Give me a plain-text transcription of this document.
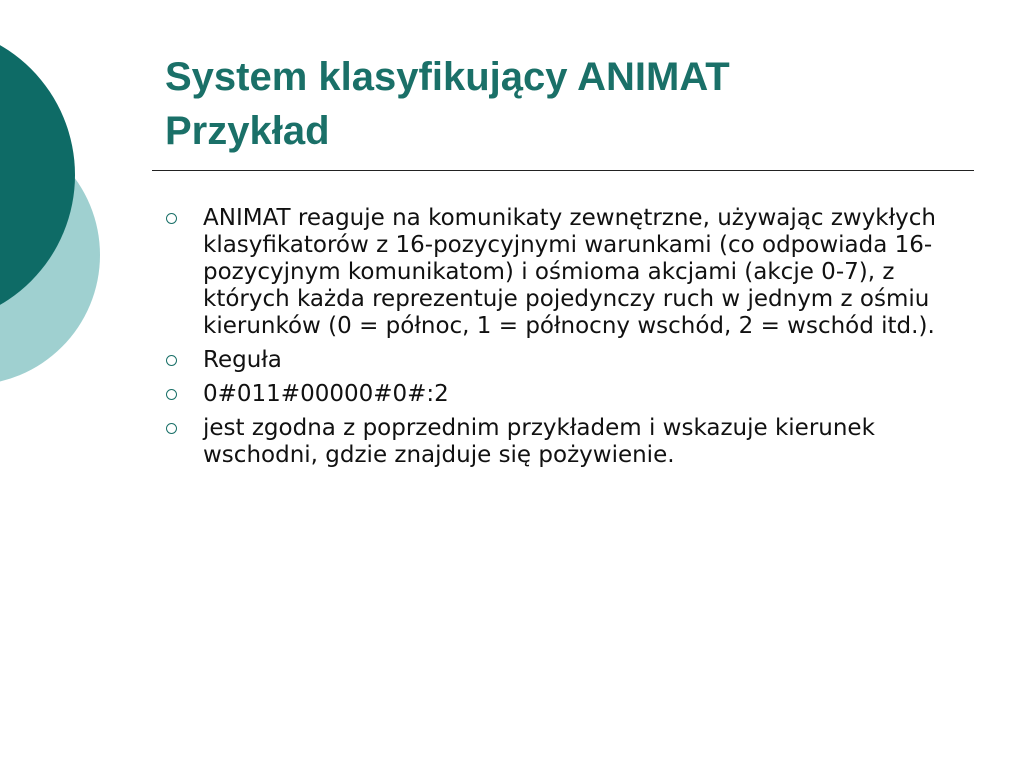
System klasyfikujący ANIMAT
Przykład
ANIMAT reaguje na komunikaty zewnętrzne, używając zwykłych klasyfikatorów z 16-pozycyjnymi warunkami (co odpowiada 16-pozycyjnym komunikatom) i ośmioma akcjami (akcje 0-7), z których każda reprezentuje pojedynczy ruch w jednym z ośmiu kierunków (0 = północ, 1 = północny wschód, 2 = wschód itd.).
Reguła
0#011#00000#0#:2
jest zgodna z poprzednim przykładem i wskazuje kierunek wschodni, gdzie znajduje się pożywienie.
